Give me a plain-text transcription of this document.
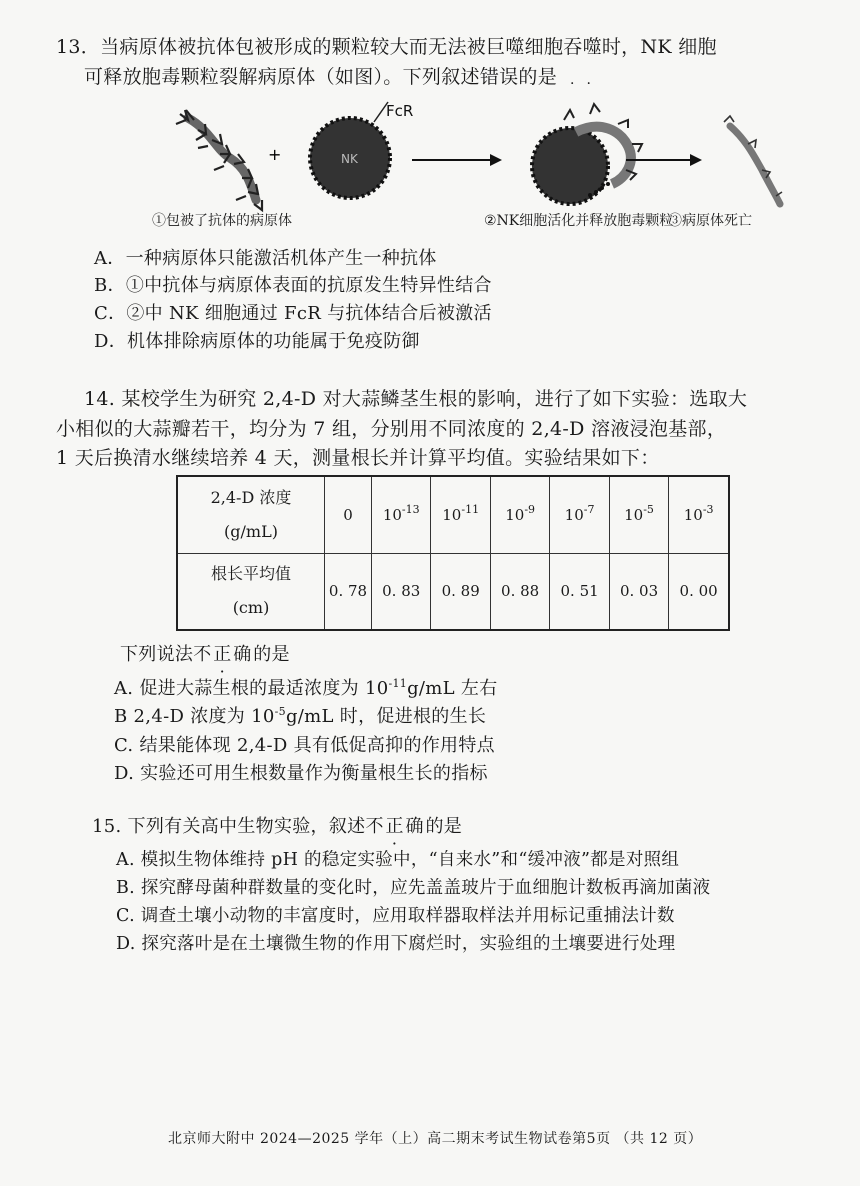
13．当病原体被抗体包被形成的颗粒较大而无法被巨噬细胞吞噬时，NK 细胞
可释放胞毒颗粒裂解病原体（如图）。下列叙述错误的是 ··
+	NK
FcR
①包被了抗体的病原体	②NK细胞活化并释放胞毒颗粒
③病原体死亡
A．一种病原体只能激活机体产生一种抗体
B．①中抗体与病原体表面的抗原发生特异性结合
C．②中 NK 细胞通过 FcR 与抗体结合后被激活
D．机体排除病原体的功能属于免疫防御
14. 某校学生为研究 2,4-D 对大蒜鳞茎生根的影响，进行了如下实验：选取大
小相似的大蒜瓣若干，均分为 7 组，分别用不同浓度的 2,4-D 溶液浸泡基部，
1 天后换清水继续培养 4 天，测量根长并计算平均值。实验结果如下：
2,4-D 浓度
(g/mL)	0	$10^{-13}$	$10^{-11}$	$10^{-9}$	$10^{-7}$	$10^{-5}$	$10^{-3}$

根长平均值
(cm)	0. 78	0. 83	0. 89	0. 88	0. 51	0. 03	0. 00
下列说法不正确的是
A. 促进大蒜生根的最适浓度为 $10^{-11}g/mL$ 左右
B 2,4-D 浓度为 $10^{-5}g/mL$ 时，促进根的生长
C. 结果能体现 2,4-D 具有低促高抑的作用特点
D. 实验还可用生根数量作为衡量根生长的指标
15. 下列有关高中生物实验，叙述不正确的是
A. 模拟生物体维持 pH 的稳定实验中，“自来水”和“缓冲液”都是对照组
B. 探究酵母菌种群数量的变化时，应先盖盖玻片于血细胞计数板再滴加菌液
C. 调查土壤小动物的丰富度时，应用取样器取样法并用标记重捕法计数
D. 探究落叶是在土壤微生物的作用下腐烂时，实验组的土壤要进行处理
北京师大附中 2024—2025 学年（上）高二期末考试生物试卷第5页 （共 12 页）
